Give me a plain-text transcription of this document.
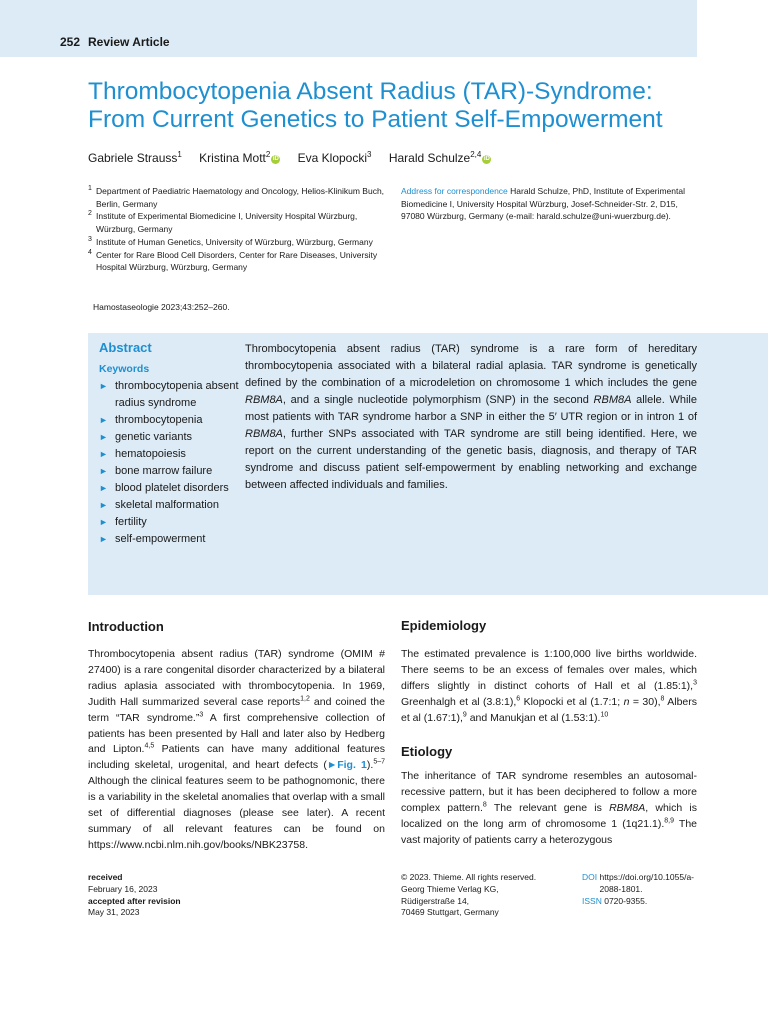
252 Review Article
Thrombocytopenia Absent Radius (TAR)-Syndrome:
From Current Genetics to Patient Self-Empowerment
Gabriele Strauss$^1$ Kristina Mott$^2$ iD Eva Klopocki$^3$ Harald Schulze$^{2,4}$ iD
1 Department of Paediatric Haematology and Oncology, Helios-Klinikum Buch, Berlin, Germany
2 Institute of Experimental Biomedicine I, University Hospital Würzburg, Würzburg, Germany
3 Institute of Human Genetics, University of Würzburg, Würzburg, Germany
4 Center for Rare Blood Cell Disorders, Center for Rare Diseases, University Hospital Würzburg, Würzburg, Germany
Address for correspondence Harald Schulze, PhD, Institute of Experimental Biomedicine I, University Hospital Würzburg, Josef-Schneider-Str. 2, D15, 97080 Würzburg, Germany (e-mail: harald.schulze@uni-wuerzburg.de).
Hamostaseologie 2023;43:252–260.
Abstract
Keywords
► thrombocytopenia absent radius syndrome
► thrombocytopenia
► genetic variants
► hematopoiesis
► bone marrow failure
► blood platelet disorders
► skeletal malformation
► fertility
► self-empowerment
Thrombocytopenia absent radius (TAR) syndrome is a rare form of hereditary thrombocytopenia associated with a bilateral radial aplasia. TAR syndrome is genetically defined by the combination of a microdeletion on chromosome 1 which includes the gene RBM8A, and a single nucleotide polymorphism (SNP) in the second RBM8A allele. While most patients with TAR syndrome harbor a SNP in either the 5′ UTR region or in intron 1 of RBM8A, further SNPs associated with TAR syndrome are still being identified. Here, we report on the current understanding of the genetic basis, diagnosis, and therapy of TAR syndrome and discuss patient self-empowerment by enabling networking and exchange between affected individuals and families.
Introduction
Thrombocytopenia absent radius (TAR) syndrome (OMIM # 27400) is a rare congenital disorder characterized by a bilateral radius aplasia associated with thrombocytopenia. In 1969, Judith Hall summarized several case reports$^{1,2}$ and coined the term “TAR syndrome.”$^3$ A first comprehensive collection of patients has been presented by Hall and later also by Hedberg and Lipton.$^{4,5}$ Patients can have many additional features including skeletal, urogenital, and heart defects (►Fig. 1).$^{5-7}$ Although the clinical features seem to be pathognomonic, there is a variability in the skeletal anomalies that overlap with a small set of differential diagnoses (please see later). A recent summary of all relevant features can be found on https://www.ncbi.nlm.nih.gov/books/NBK23758.
Epidemiology
The estimated prevalence is 1:100,000 live births worldwide. There seems to be an excess of females over males, which differs slightly in distinct cohorts of Hall et al (1.85:1),$^3$ Greenhalgh et al (3.8:1),$^6$ Klopocki et al (1.7:1; n = 30),$^8$ Albers et al (1.67:1),$^9$ and Manukjan et al (1.53:1).$^{10}$
Etiology
The inheritance of TAR syndrome resembles an autosomal-recessive pattern, but it has been deciphered to follow a more complex pattern.$^8$ The relevant gene is RBM8A, which is localized on the long arm of chromosome 1 (1q21.1).$^{8,9}$ The vast majority of patients carry a heterozygous
received
February 16, 2023
accepted after revision
May 31, 2023
© 2023. Thieme. All rights reserved.
Georg Thieme Verlag KG,
Rüdigerstraße 14,
70469 Stuttgart, Germany
DOI https://doi.org/10.1055/a-2088-1801.
ISSN 0720-9355.
